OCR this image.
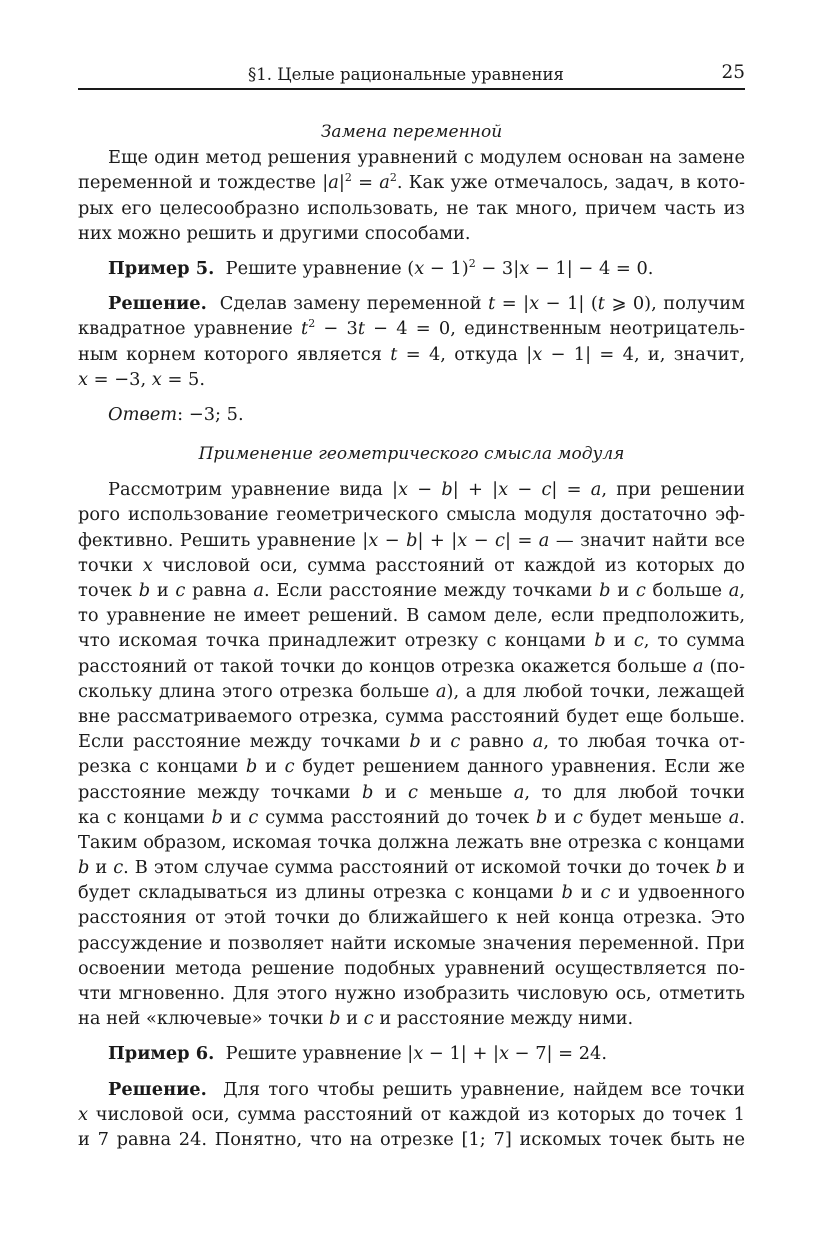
§1. Целые рациональные уравнения	25
Замена переменной
Еще один метод решения уравнений с модулем основан на замене
переменной и тождестве $|a|^2 = a^2$. Как уже отмечалось, задач, в кото-
рых его целесообразно использовать, не так много, причем часть из
них можно решить и другими способами.
Пример 5.  Решите уравнение $(x - 1)^2 - 3|x - 1| - 4 = 0$.
Решение.  Сделав замену переменной t = |x − 1| (t ⩾ 0), получим
квадратное уравнение $t^2 - 3t - 4 = 0$, единственным неотрицатель-
ным корнем которого является t = 4, откуда |x − 1| = 4, и, значит,
x = −3, x = 5.
Ответ: −3; 5.
Применение геометрического смысла модуля
Рассмотрим уравнение вида |x − b| + |x − c| = a, при решении
рого использование геометрического смысла модуля достаточно эф-
фективно. Решить уравнение |x − b| + |x − c| = a — значит найти все
точки x числовой оси, сумма расстояний от каждой из которых до
точек b и c равна a. Если расстояние между точками b и c больше a,
то уравнение не имеет решений. В самом деле, если предположить,
что искомая точка принадлежит отрезку с концами b и c, то сумма
расстояний от такой точки до концов отрезка окажется больше a (по-
скольку длина этого отрезка больше a), а для любой точки, лежащей
вне рассматриваемого отрезка, сумма расстояний будет еще больше.
Если расстояние между точками b и c равно a, то любая точка от-
резка с концами b и c будет решением данного уравнения. Если же
расстояние между точками b и c меньше a, то для любой точки
ка с концами b и c сумма расстояний до точек b и c будет меньше a.
Таким образом, искомая точка должна лежать вне отрезка с концами
b и c. В этом случае сумма расстояний от искомой точки до точек b и
будет складываться из длины отрезка с концами b и c и удвоенного
расстояния от этой точки до ближайшего к ней конца отрезка. Это
рассуждение и позволяет найти искомые значения переменной. При
освоении метода решение подобных уравнений осуществляется по-
чти мгновенно. Для этого нужно изобразить числовую ось, отметить
на ней «ключевые» точки b и c и расстояние между ними.
Пример 6.  Решите уравнение |x − 1| + |x − 7| = 24.
Решение.  Для того чтобы решить уравнение, найдем все точки
x числовой оси, сумма расстояний от каждой из которых до точек 1
и 7 равна 24. Понятно, что на отрезке [1; 7] искомых точек быть не
